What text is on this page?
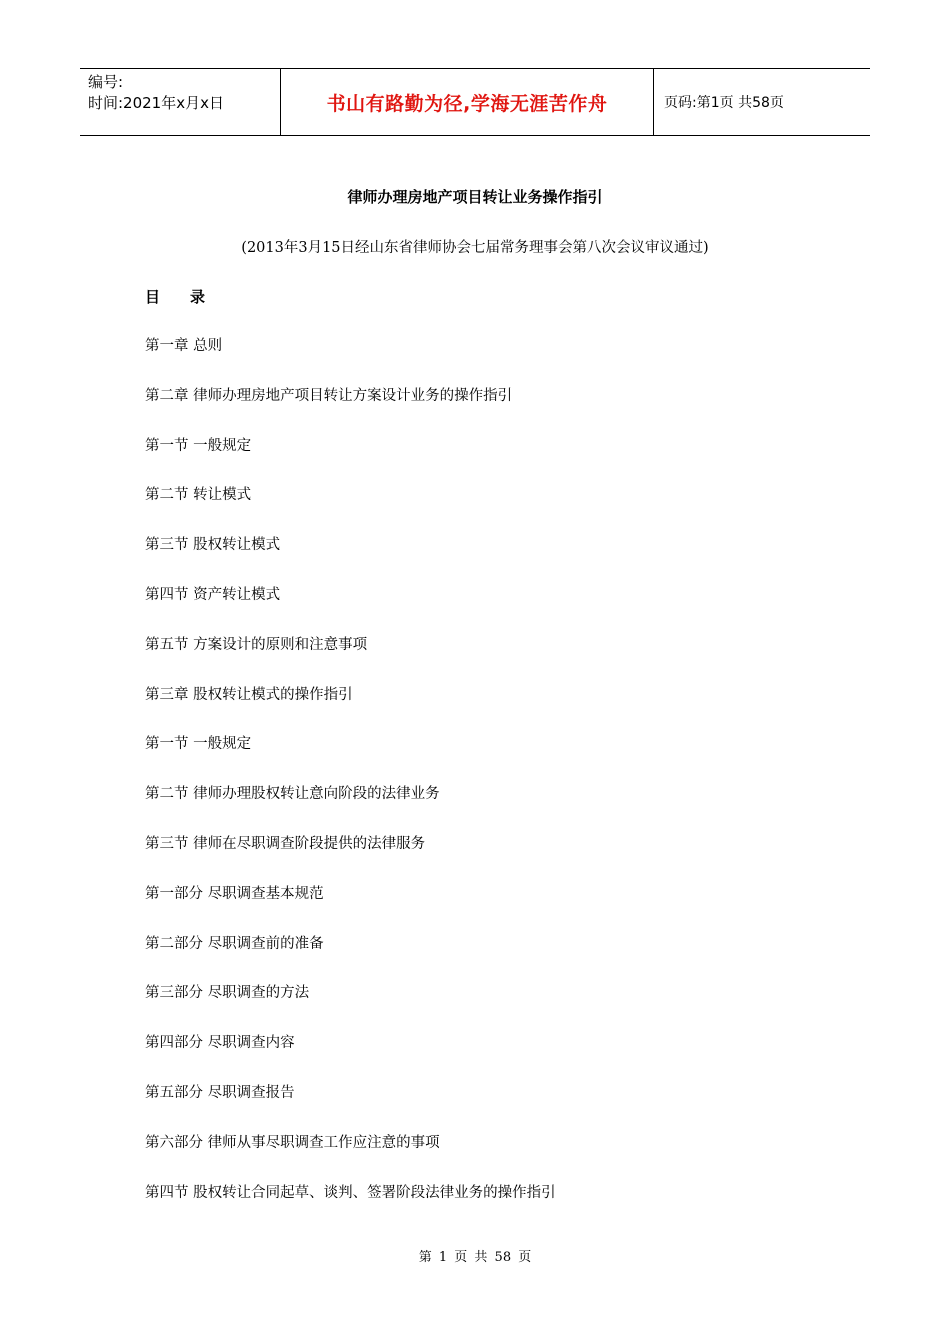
编号:
时间:2021年x月x日	书山有路勤为径,学海无涯苦作舟	页码:第1页 共58页
律师办理房地产项目转让业务操作指引
(2013年3月15日经山东省律师协会七届常务理事会第八次会议审议通过)
目 录
第一章 总则
第二章 律师办理房地产项目转让方案设计业务的操作指引
第一节 一般规定
第二节 转让模式
第三节 股权转让模式
第四节 资产转让模式
第五节 方案设计的原则和注意事项
第三章 股权转让模式的操作指引
第一节 一般规定
第二节 律师办理股权转让意向阶段的法律业务
第三节 律师在尽职调查阶段提供的法律服务
第一部分 尽职调查基本规范
第二部分 尽职调查前的准备
第三部分 尽职调查的方法
第四部分 尽职调查内容
第五部分 尽职调查报告
第六部分 律师从事尽职调查工作应注意的事项
第四节 股权转让合同起草、谈判、签署阶段法律业务的操作指引
第 1 页 共 58 页
